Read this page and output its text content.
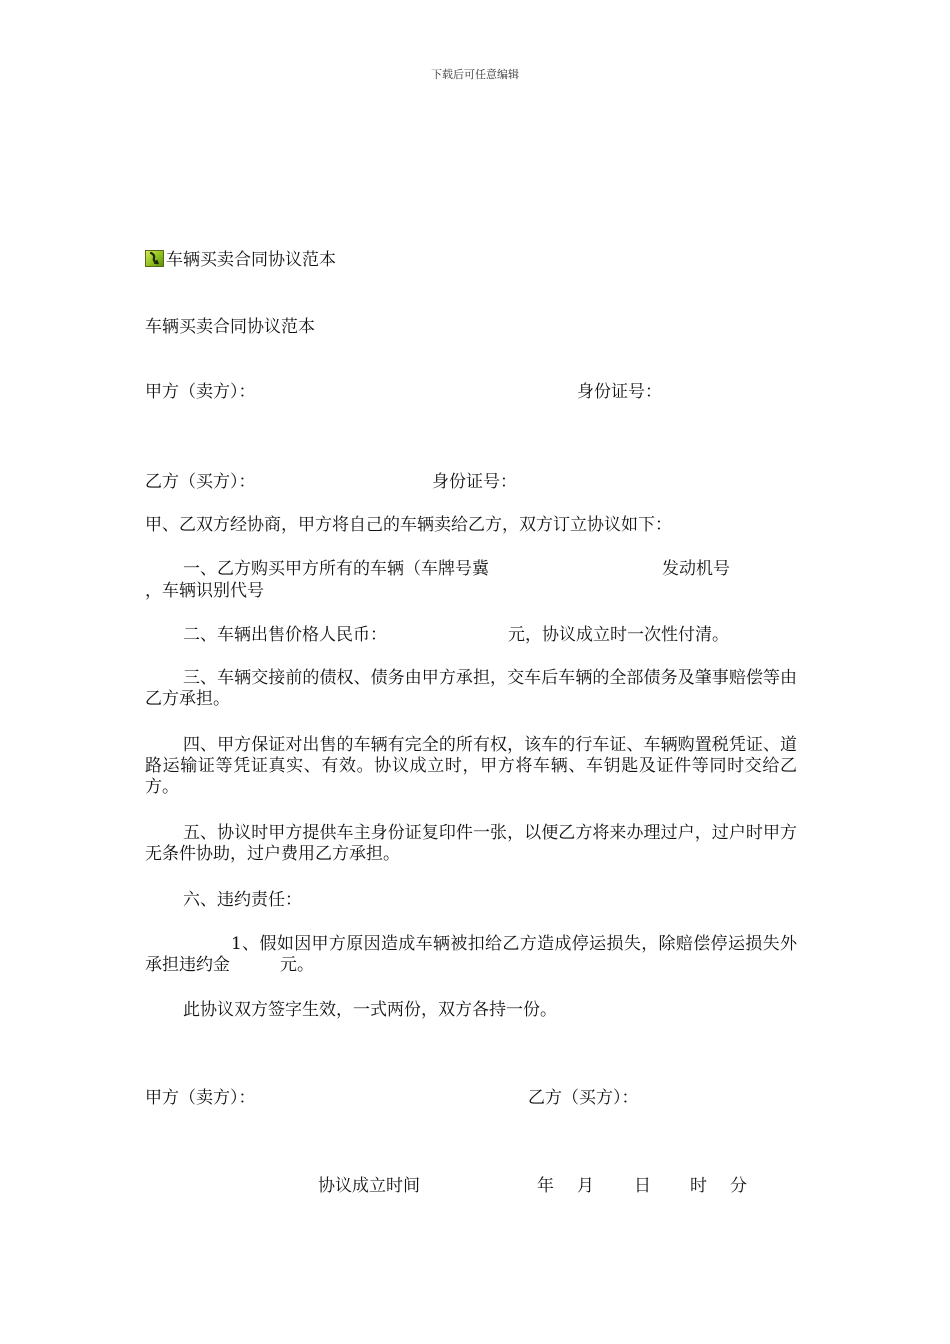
下载后可任意编辑
车辆买卖合同协议范本
车辆买卖合同协议范本
甲方（卖方）：	身份证号：
乙方（买方）：	身份证号：
甲、乙双方经协商，甲方将自己的车辆卖给乙方，双方订立协议如下：
一、乙方购买甲方所有的车辆（车牌号冀	发动机号
，车辆识别代号
二、车辆出售价格人民币：	元，协议成立时一次性付清。
三、车辆交接前的债权、债务由甲方承担，交车后车辆的全部债务及肇事赔偿等由乙方承担。
四、甲方保证对出售的车辆有完全的所有权，该车的行车证、车辆购置税凭证、道路运输证等凭证真实、有效。协议成立时，甲方将车辆、车钥匙及证件等同时交给乙方。
五、协议时甲方提供车主身份证复印件一张，以便乙方将来办理过户，过户时甲方无条件协助，过户费用乙方承担。
六、违约责任：
1、假如因甲方原因造成车辆被扣给乙方造成停运损失，除赔偿停运损失外承担违约金	元。
此协议双方签字生效，一式两份，双方各持一份。
甲方（卖方）：	乙方（买方）：
协议成立时间	年 月 日 时 分
